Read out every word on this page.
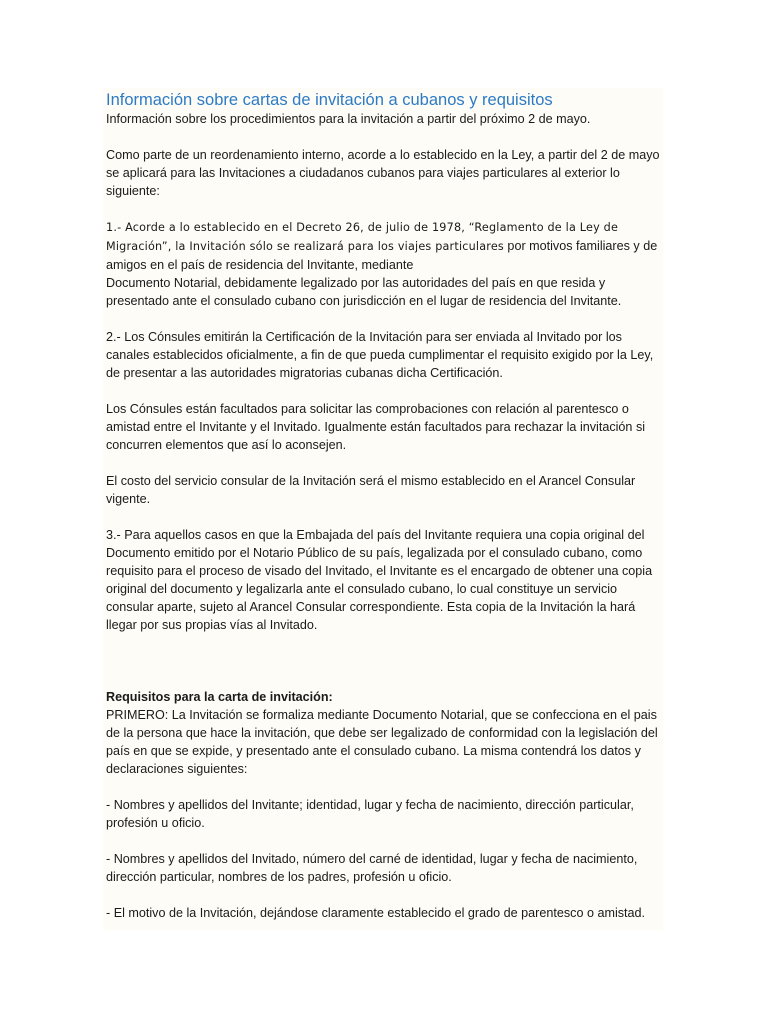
Información sobre cartas de invitación a cubanos y requisitos

Información sobre los procedimientos para la invitación a partir del próximo 2 de mayo.

Como parte de un reordenamiento interno, acorde a lo establecido en la Ley, a partir del 2 de mayo se aplicará para las Invitaciones a ciudadanos cubanos para viajes particulares al exterior lo siguiente:

1.- Acorde a lo establecido en el Decreto 26, de julio de 1978, “Reglamento de la Ley de
Migración”, la Invitación sólo se realizará para los viajes particulares por motivos familiares y de
amigos en el país de residencia del Invitante, mediante
Documento Notarial, debidamente legalizado por las autoridades del país en que resida y presentado ante el consulado cubano con jurisdicción en el lugar de residencia del Invitante.

2.- Los Cónsules emitirán la Certificación de la Invitación para ser enviada al Invitado por los canales establecidos oficialmente, a fin de que pueda cumplimentar el requisito exigido por la Ley, de presentar a las autoridades migratorias cubanas dicha Certificación.

Los Cónsules están facultados para solicitar las comprobaciones con relación al parentesco o amistad entre el Invitante y el Invitado. Igualmente están facultados para rechazar la invitación si concurren elementos que así lo aconsejen.

El costo del servicio consular de la Invitación será el mismo establecido en el Arancel Consular vigente.

3.- Para aquellos casos en que la Embajada del país del Invitante requiera una copia original del Documento emitido por el Notario Público de su país, legalizada por el consulado cubano, como requisito para el proceso de visado del Invitado, el Invitante es el encargado de obtener una copia original del documento y legalizarla ante el consulado cubano, lo cual constituye un servicio consular aparte, sujeto al Arancel Consular correspondiente. Esta copia de la Invitación la hará llegar por sus propias vías al Invitado.

Requisitos para la carta de invitación:

PRIMERO: La Invitación se formaliza mediante Documento Notarial, que se confecciona en el pais de la persona que hace la invitación, que debe ser legalizado de conformidad con la legislación del país en que se expide, y presentado ante el consulado cubano. La misma contendrá los datos y declaraciones siguientes:

- Nombres y apellidos del Invitante; identidad, lugar y fecha de nacimiento, dirección particular, profesión u oficio.

- Nombres y apellidos del Invitado, número del carné de identidad, lugar y fecha de nacimiento, dirección particular, nombres de los padres, profesión u oficio.

- El motivo de la Invitación, dejándose claramente establecido el grado de parentesco o amistad.
